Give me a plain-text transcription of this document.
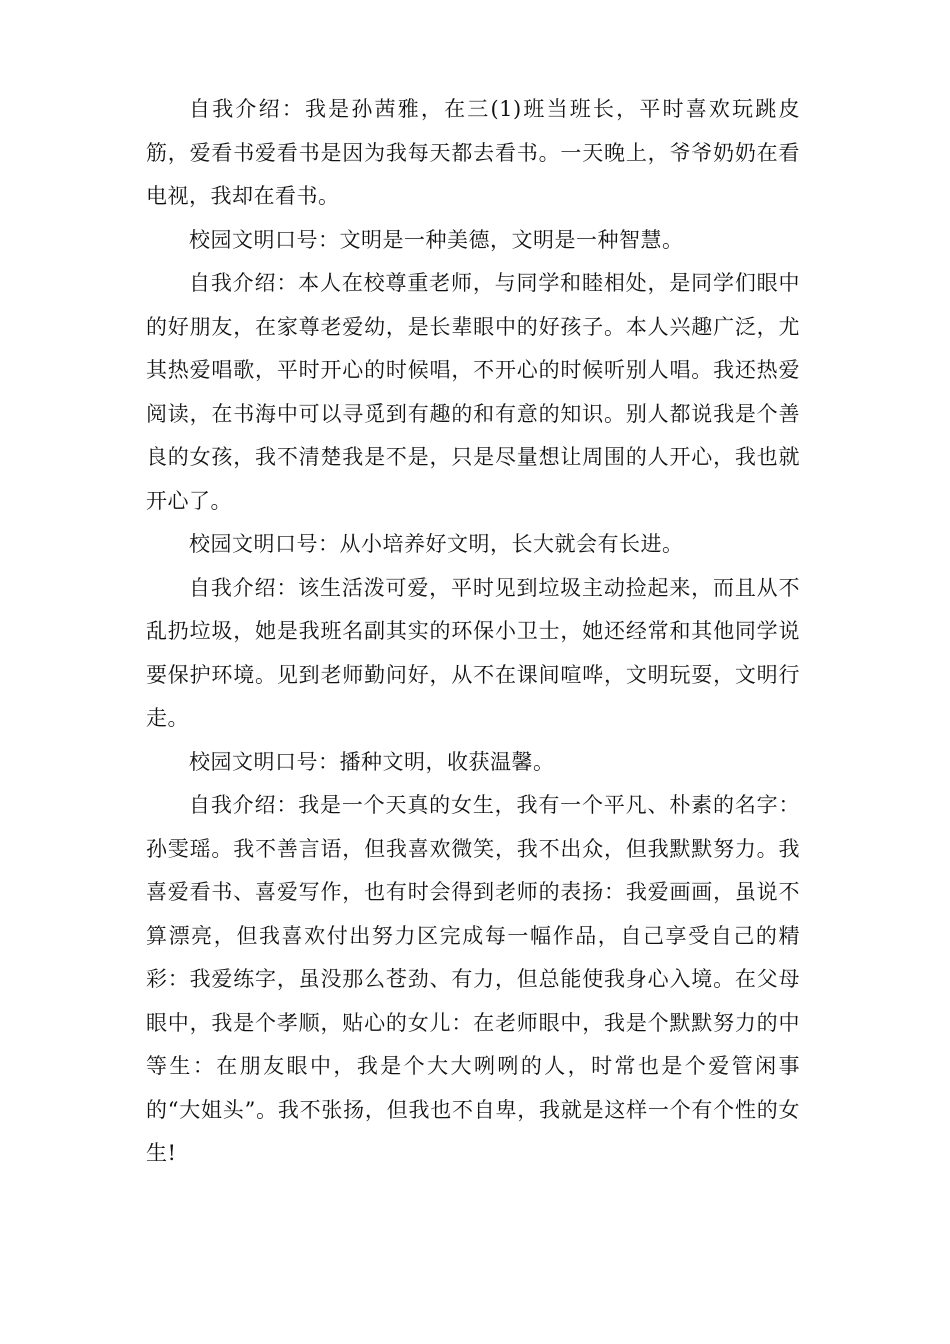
自我介绍：我是孙茜雅，在三(1)班当班长，平时喜欢玩跳皮筋，爱看书爱看书是因为我每天都去看书。一天晚上，爷爷奶奶在看电视，我却在看书。

校园文明口号：文明是一种美德，文明是一种智慧。

自我介绍：本人在校尊重老师，与同学和睦相处，是同学们眼中的好朋友，在家尊老爱幼，是长辈眼中的好孩子。本人兴趣广泛，尤其热爱唱歌，平时开心的时候唱，不开心的时候听别人唱。我还热爱阅读，在书海中可以寻觅到有趣的和有意的知识。别人都说我是个善良的女孩，我不清楚我是不是，只是尽量想让周围的人开心，我也就开心了。

校园文明口号：从小培养好文明，长大就会有长进。

自我介绍：该生活泼可爱，平时见到垃圾主动捡起来，而且从不乱扔垃圾，她是我班名副其实的环保小卫士，她还经常和其他同学说要保护环境。见到老师勤问好，从不在课间喧哗，文明玩耍，文明行走。

校园文明口号：播种文明，收获温馨。

自我介绍：我是一个天真的女生，我有一个平凡、朴素的名字：孙雯瑶。我不善言语，但我喜欢微笑，我不出众，但我默默努力。我喜爱看书、喜爱写作，也有时会得到老师的表扬：我爱画画，虽说不算漂亮，但我喜欢付出努力区完成每一幅作品，自己享受自己的精彩：我爱练字，虽没那么苍劲、有力，但总能使我身心入境。在父母眼中，我是个孝顺，贴心的女儿：在老师眼中，我是个默默努力的中等生：在朋友眼中，我是个大大咧咧的人，时常也是个爱管闲事的“大姐头”。我不张扬，但我也不自卑，我就是这样一个有个性的女生!
